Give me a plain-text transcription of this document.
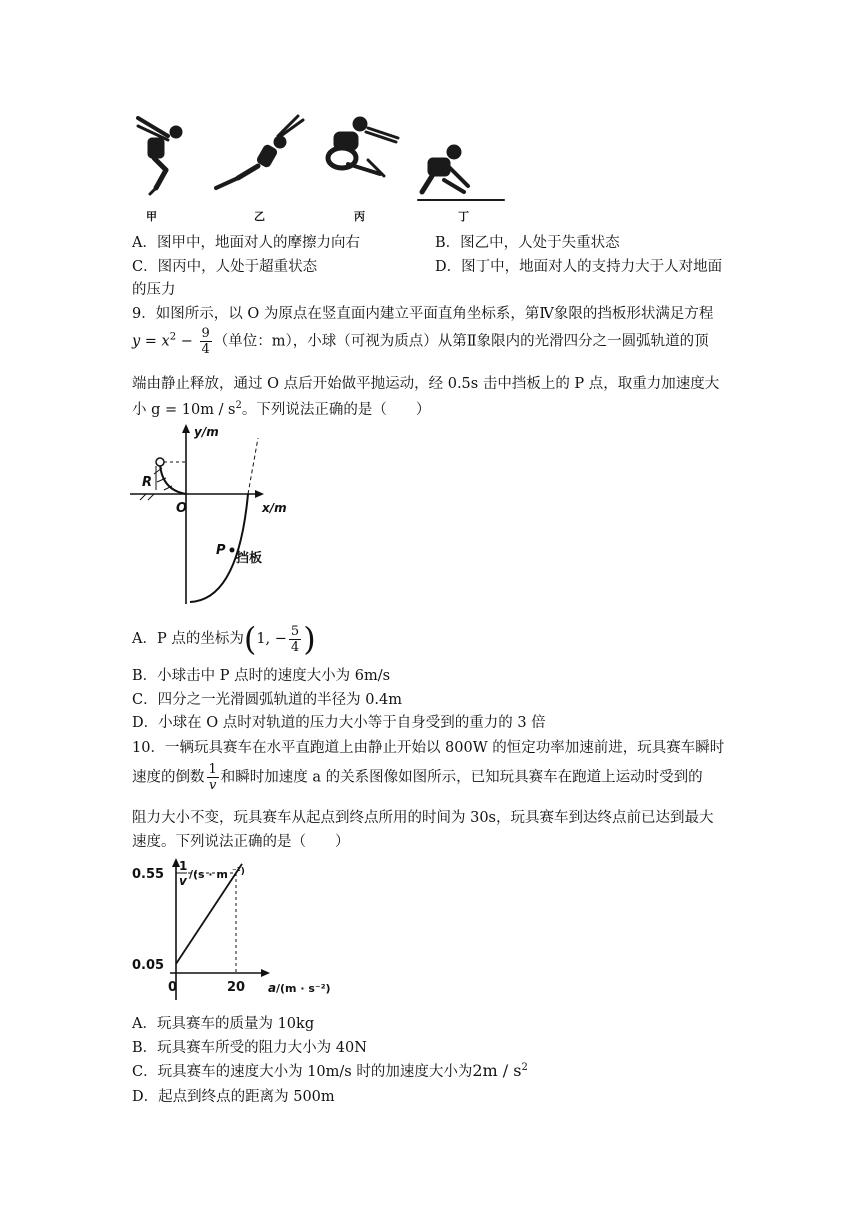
甲	乙	丙	丁
A．图甲中，地面对人的摩擦力向右	B．图乙中，人处于失重状态
C．图丙中，人处于超重状态	D．图丁中，地面对人的支持力大于人对地面
的压力
9．如图所示，以 O 为原点在竖直面内建立平面直角坐标系，第Ⅳ象限的挡板形状满足方程
$y = x^2 - \frac{9}{4}$ （单位：m），小球（可视为质点）从第Ⅱ象限内的光滑四分之一圆弧轨道的顶
端由静止释放，通过 O 点后开始做平抛运动，经 0.5s 击中挡板上的 P 点，取重力加速度大
小 $g = 10m / s^2$。下列说法正确的是（　　）
y/m
x/m
R
O
P
挡板
A．P 点的坐标为(1, − $\frac{5}{4}$ )
B．小球击中 P 点时的速度大小为 6m/s
C．四分之一光滑圆弧轨道的半径为 0.4m
D．小球在 O 点时对轨道的压力大小等于自身受到的重力的 3 倍
10．一辆玩具赛车在水平直跑道上由静止开始以 800W 的恒定功率加速前进，玩具赛车瞬时
速度的倒数 $\frac{1}{v}$ 和瞬时加速度 a 的关系图像如图所示，已知玩具赛车在跑道上运动时受到的
阻力大小不变，玩具赛车从起点到终点所用的时间为 30s，玩具赛车到达终点前已达到最大
速度。下列说法正确的是（　　）
1
v /(s · m ⁻¹)
a /(m · s⁻²)
0.05
0.55
0	20
A．玩具赛车的质量为 10kg
B．玩具赛车所受的阻力大小为 40N
C．玩具赛车的速度大小为 10m/s 时的加速度大小为$2m / s^2$
D．起点到终点的距离为 500m
